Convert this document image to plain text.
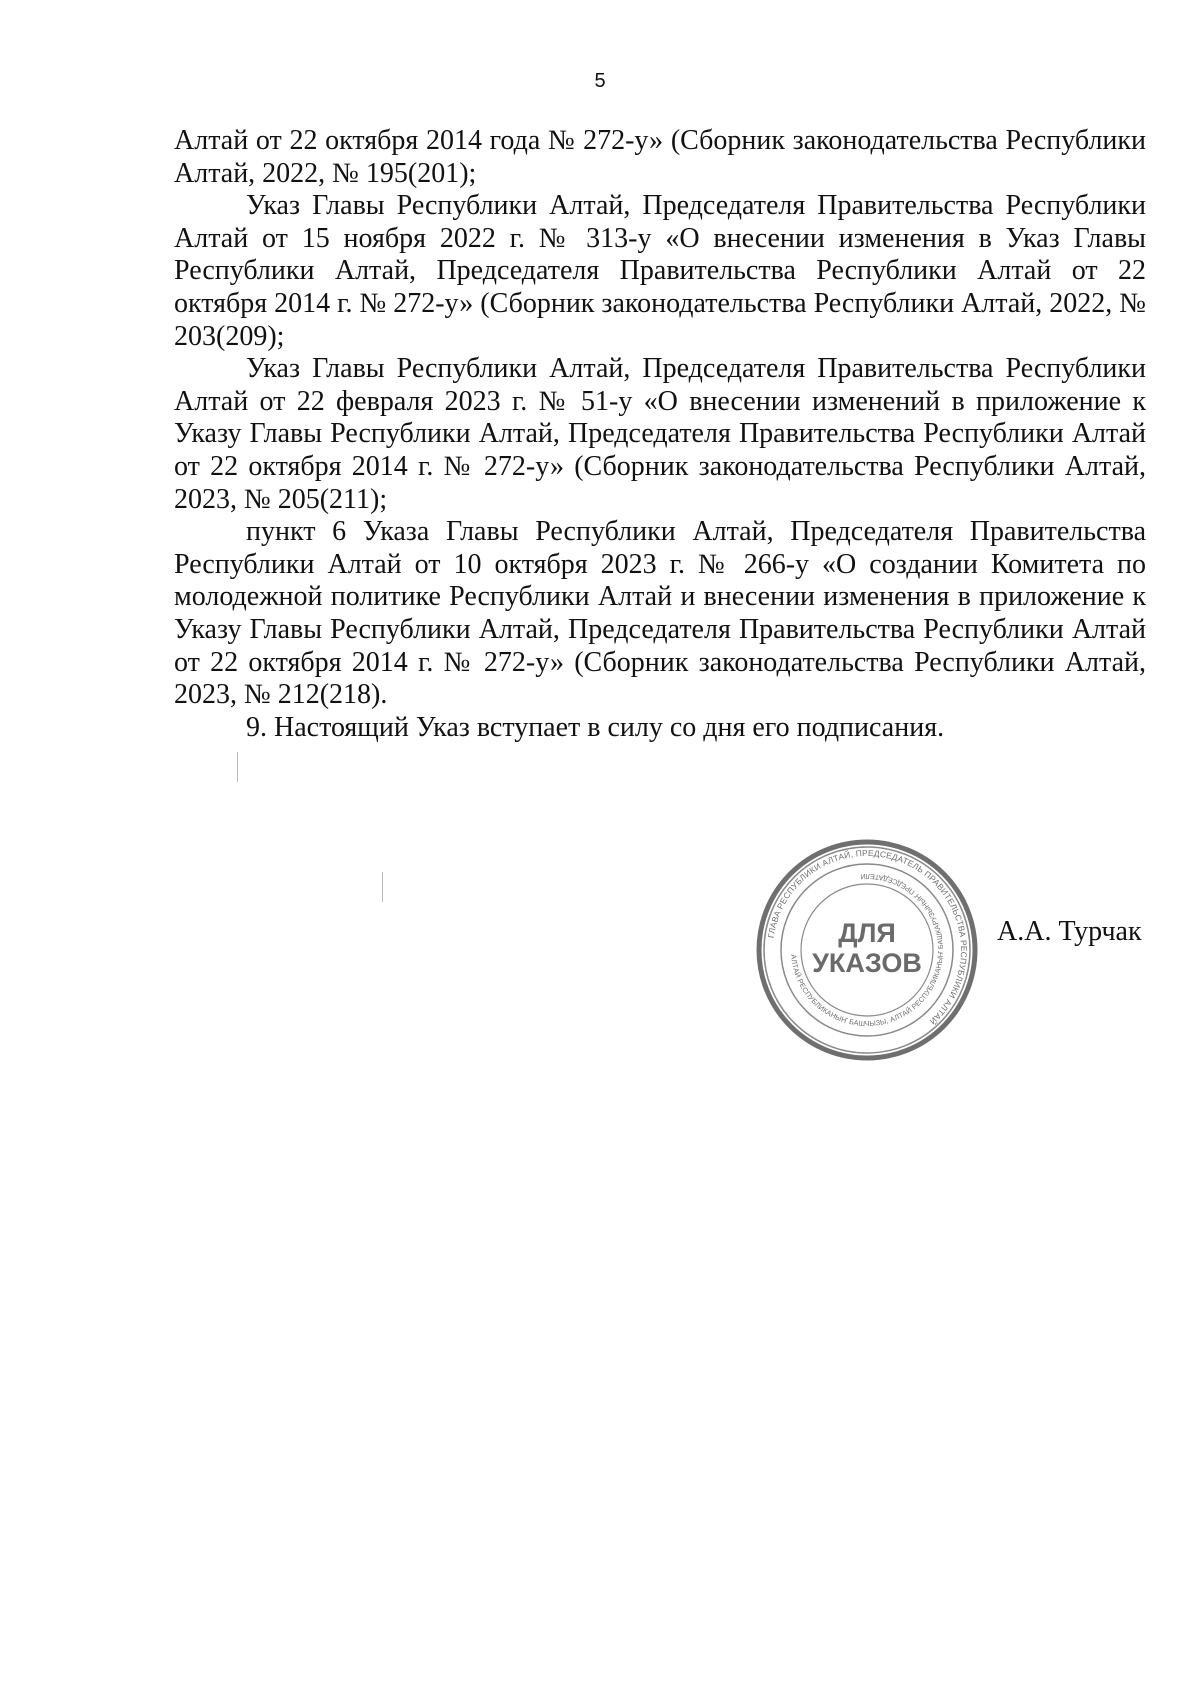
5

Алтай от 22 октября 2014 года № 272-у» (Сборник законодательства Республики Алтай, 2022, № 195(201);

Указ Главы Республики Алтай, Председателя Правительства Республики Алтай от 15 ноября 2022 г. № 313-у «О внесении изменения в Указ Главы Республики Алтай, Председателя Правительства Республики Алтай от 22 октября 2014 г. № 272-у» (Сборник законодательства Республики Алтай, 2022, № 203(209);

Указ Главы Республики Алтай, Председателя Правительства Республики Алтай от 22 февраля 2023 г. № 51-у «О внесении изменений в приложение к Указу Главы Республики Алтай, Председателя Правительства Республики Алтай от 22 октября 2014 г. № 272-у» (Сборник законодательства Республики Алтай, 2023, № 205(211);

пункт 6 Указа Главы Республики Алтай, Председателя Правительства Республики Алтай от 10 октября 2023 г. № 266-у «О создании Комитета по молодежной политике Республики Алтай и внесении изменения в приложение к Указу Главы Республики Алтай, Председателя Правительства Республики Алтай от 22 октября 2014 г. № 272-у» (Сборник законодательства Республики Алтай, 2023, № 212(218).

9. Настоящий Указ вступает в силу со дня его подписания.

ГЛАВА РЕСПУБЛИКИ АЛТАЙ, ПРЕДСЕДАТЕЛЬ ПРАВИТЕЛЬСТВА РЕСПУБЛИКИ АЛТАЙ
АЛТАЙ РЕСПУБЛИКАНЫҤ БАШЧЫЗЫ, АЛТАЙ РЕСПУБЛИКАНЫҤ БАШКАРУЗЫНЫҤ ПРЕДСЕДАТЕЛИ
ДЛЯ
УКАЗОВ
А.А. Турчак
